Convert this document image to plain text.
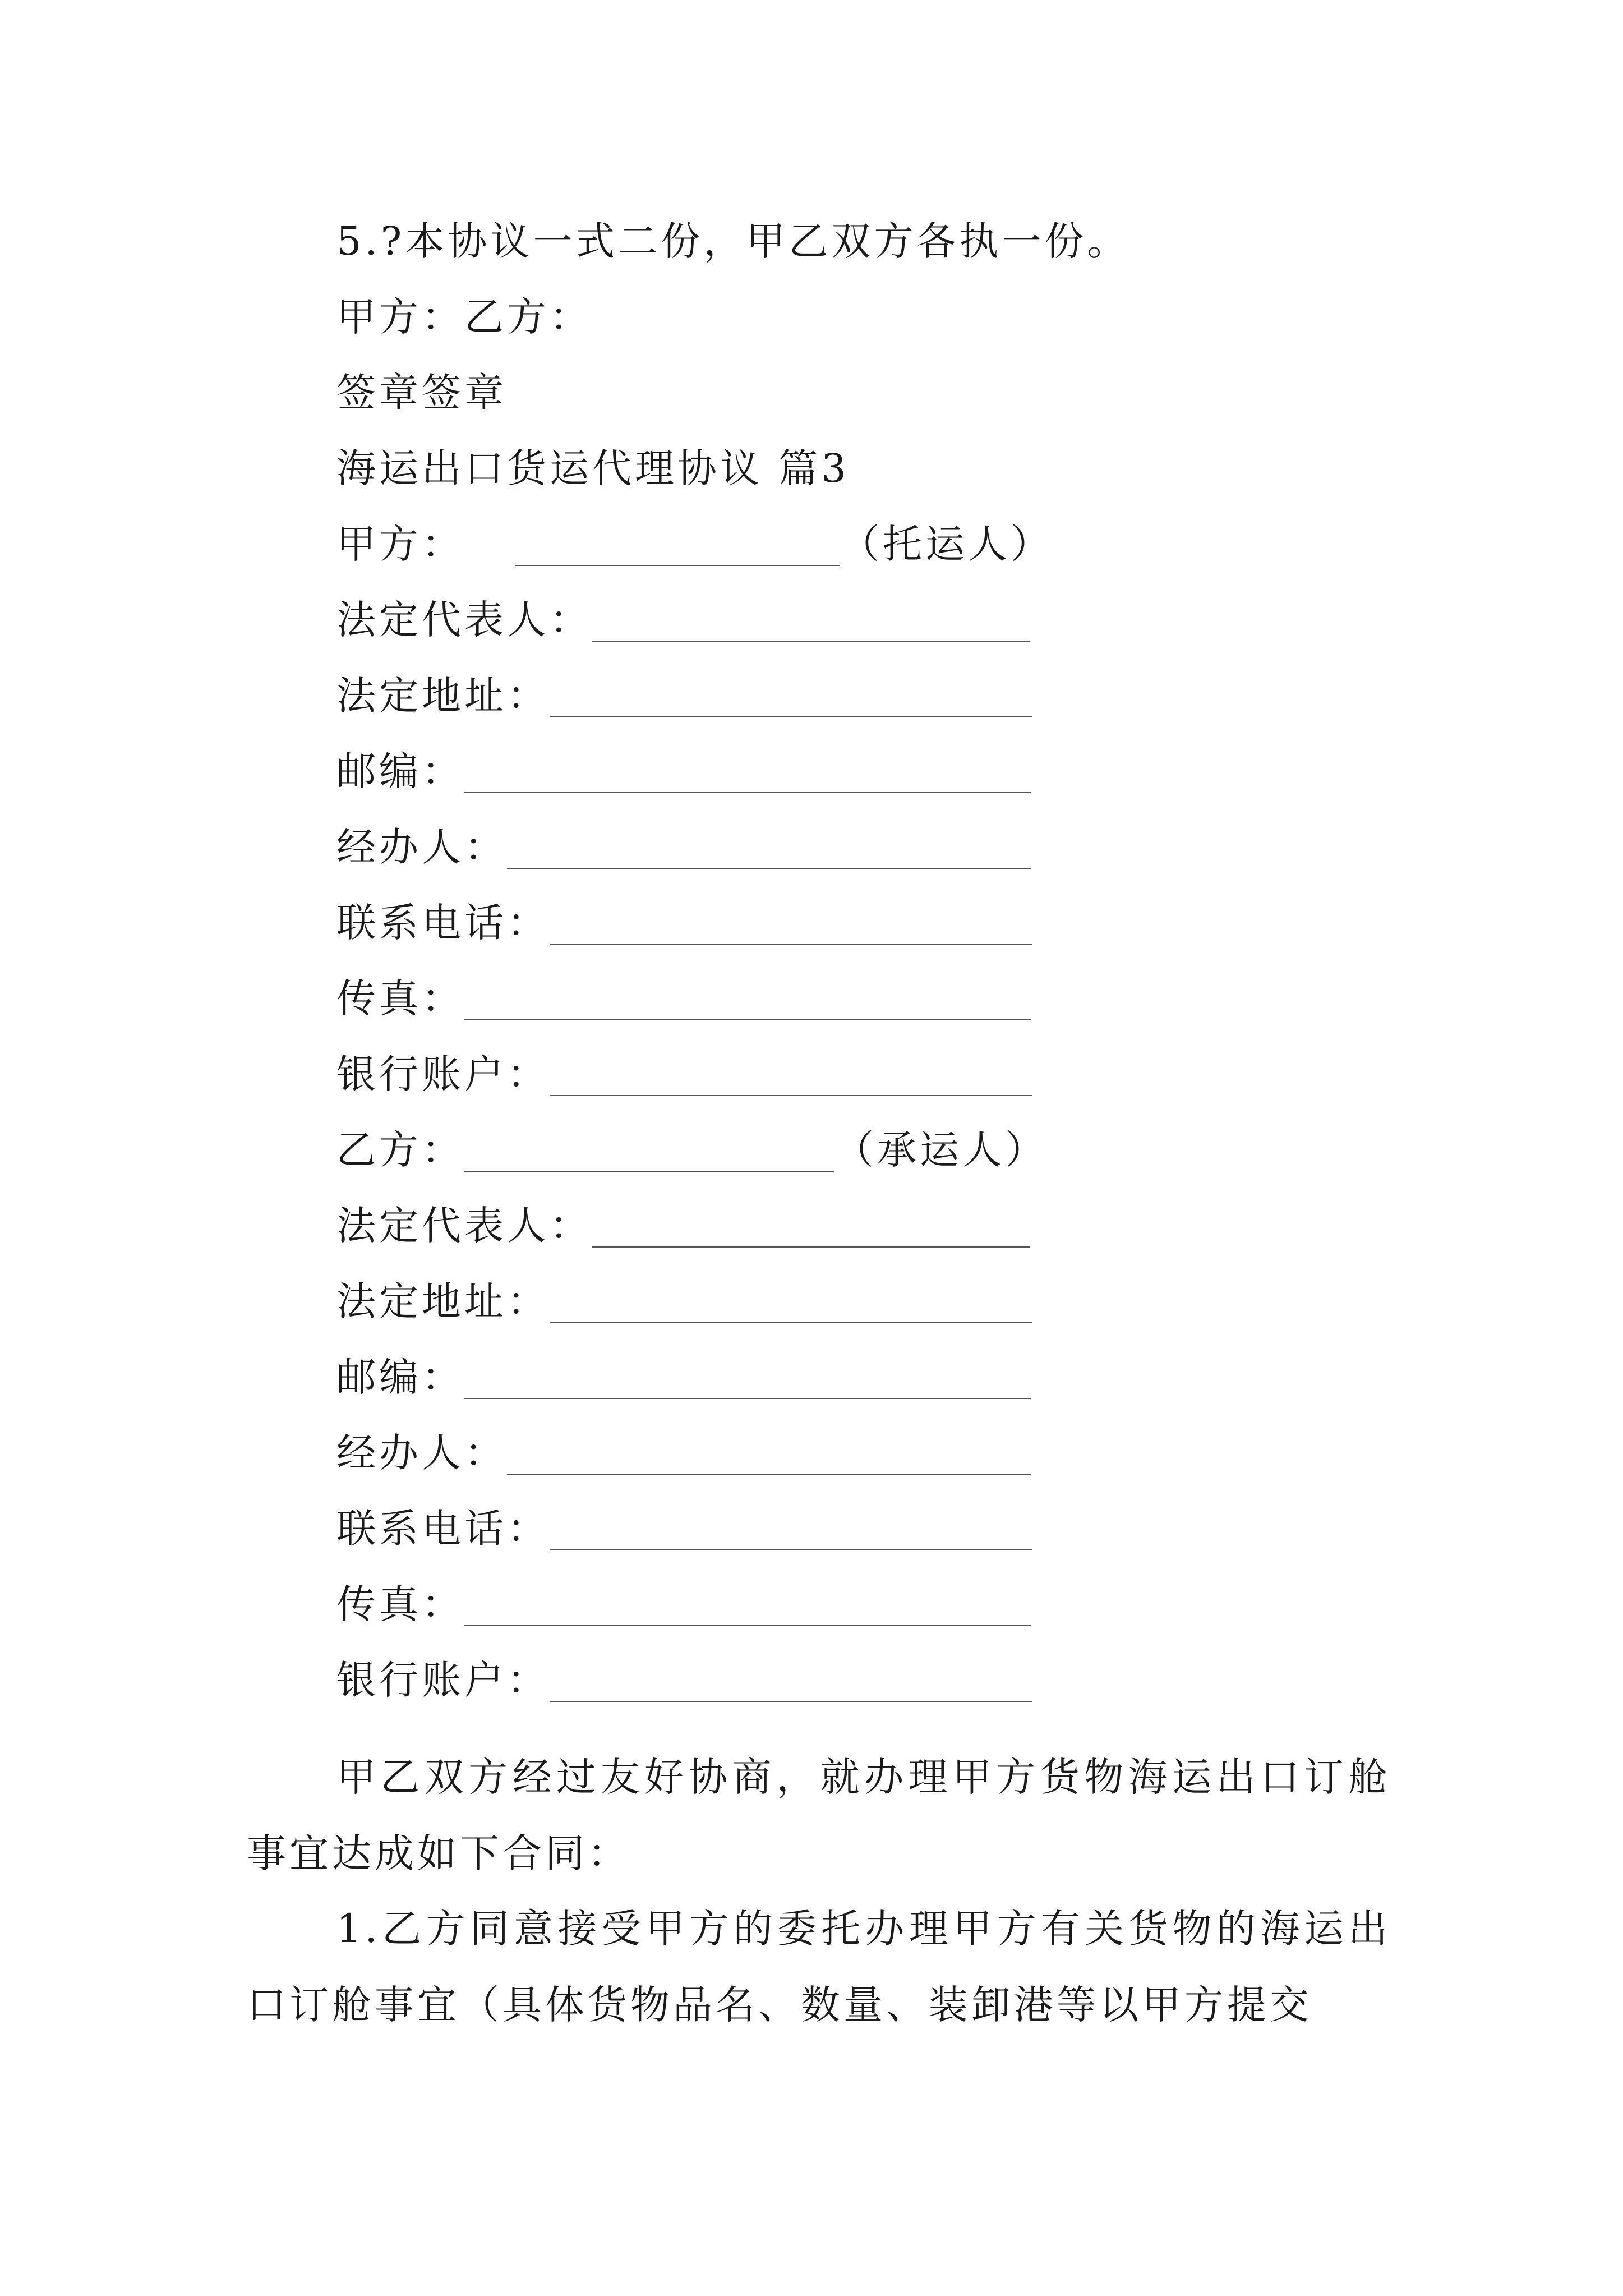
5.?本协议一式二份，甲乙双方各执一份。
甲方：乙方：
签章签章
海运出口货运代理协议 篇3
甲方：	（托运人）
法定代表人：
法定地址：
邮编：
经办人：
联系电话：
传真：
银行账户：
乙方：	（承运人）
法定代表人：
法定地址：
邮编：
经办人：
联系电话：
传真：
银行账户：
甲乙双方经过友好协商，就办理甲方货物海运出口订舱事宜达成如下合同：
1.乙方同意接受甲方的委托办理甲方有关货物的海运出口订舱事宜（具体货物品名、数量、装卸港等以甲方提交
